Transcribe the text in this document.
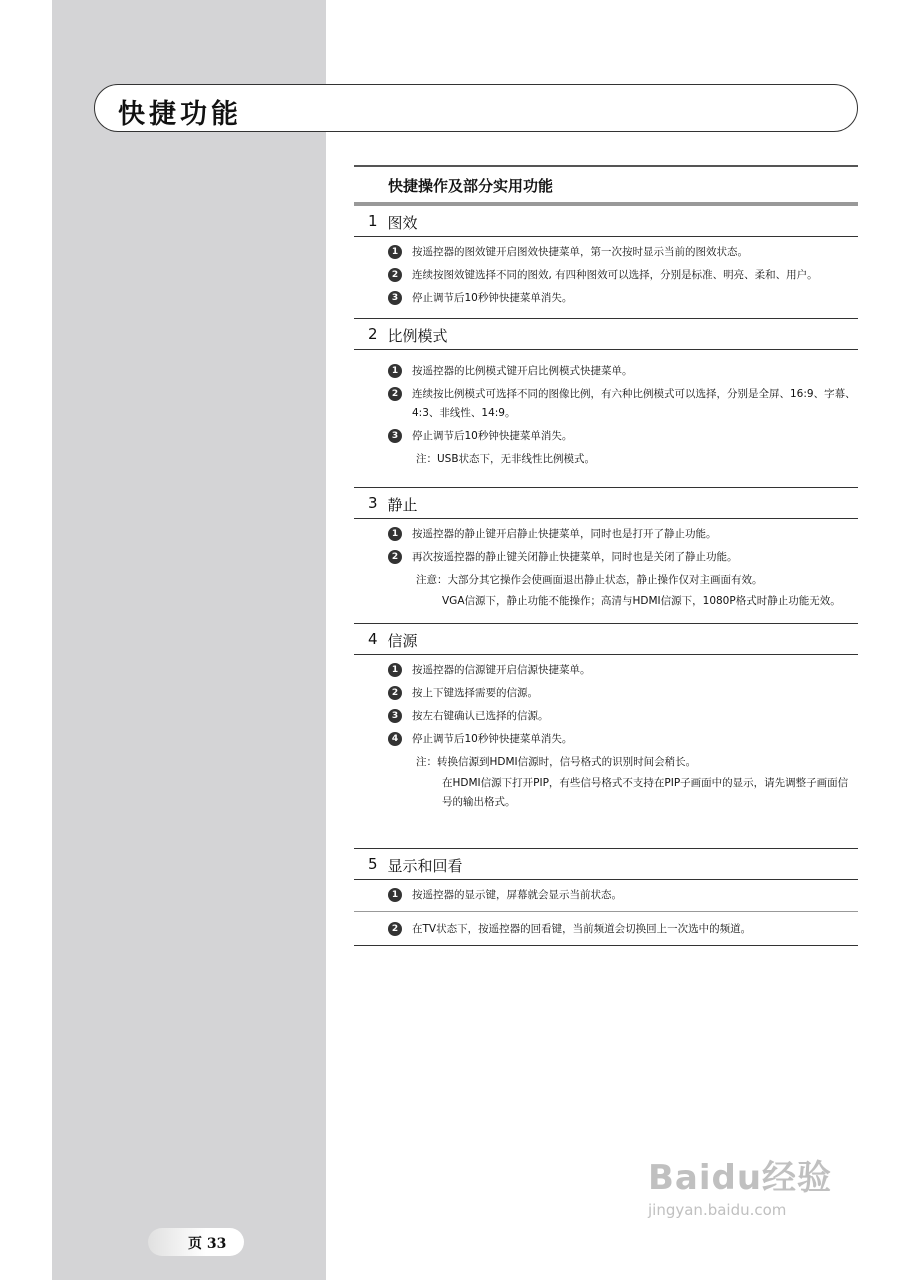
快捷功能
快捷操作及部分实用功能
1 图效
1	按遥控器的图效键开启图效快捷菜单，第一次按时显示当前的图效状态。
2	连续按图效键选择不同的图效, 有四种图效可以选择，分别是标准、明亮、柔和、用户。
3	停止调节后10秒钟快捷菜单消失。
2 比例模式
1	按遥控器的比例模式键开启比例模式快捷菜单。
2	连续按比例模式可选择不同的图像比例，有六种比例模式可以选择，分别是全屏、16:9、字幕、4:3、非线性、14:9。
3	停止调节后10秒钟快捷菜单消失。
注：USB状态下，无非线性比例模式。
3 静止
1	按遥控器的静止键开启静止快捷菜单，同时也是打开了静止功能。
2	再次按遥控器的静止键关闭静止快捷菜单，同时也是关闭了静止功能。
注意：大部分其它操作会使画面退出静止状态，静止操作仅对主画面有效。
VGA信源下，静止功能不能操作；高清与HDMI信源下，1080P格式时静止功能无效。
4 信源
1	按遥控器的信源键开启信源快捷菜单。
2	按上下键选择需要的信源。
3	按左右键确认已选择的信源。
4	停止调节后10秒钟快捷菜单消失。
注：转换信源到HDMI信源时，信号格式的识别时间会稍长。
在HDMI信源下打开PIP，有些信号格式不支持在PIP子画面中的显示，请先调整子画面信号的输出格式。
5 显示和回看
1	按遥控器的显示键，屏幕就会显示当前状态。
2	在TV状态下，按遥控器的回看键，当前频道会切换回上一次选中的频道。
Baidu经验
jingyan.baidu.com
页 33
